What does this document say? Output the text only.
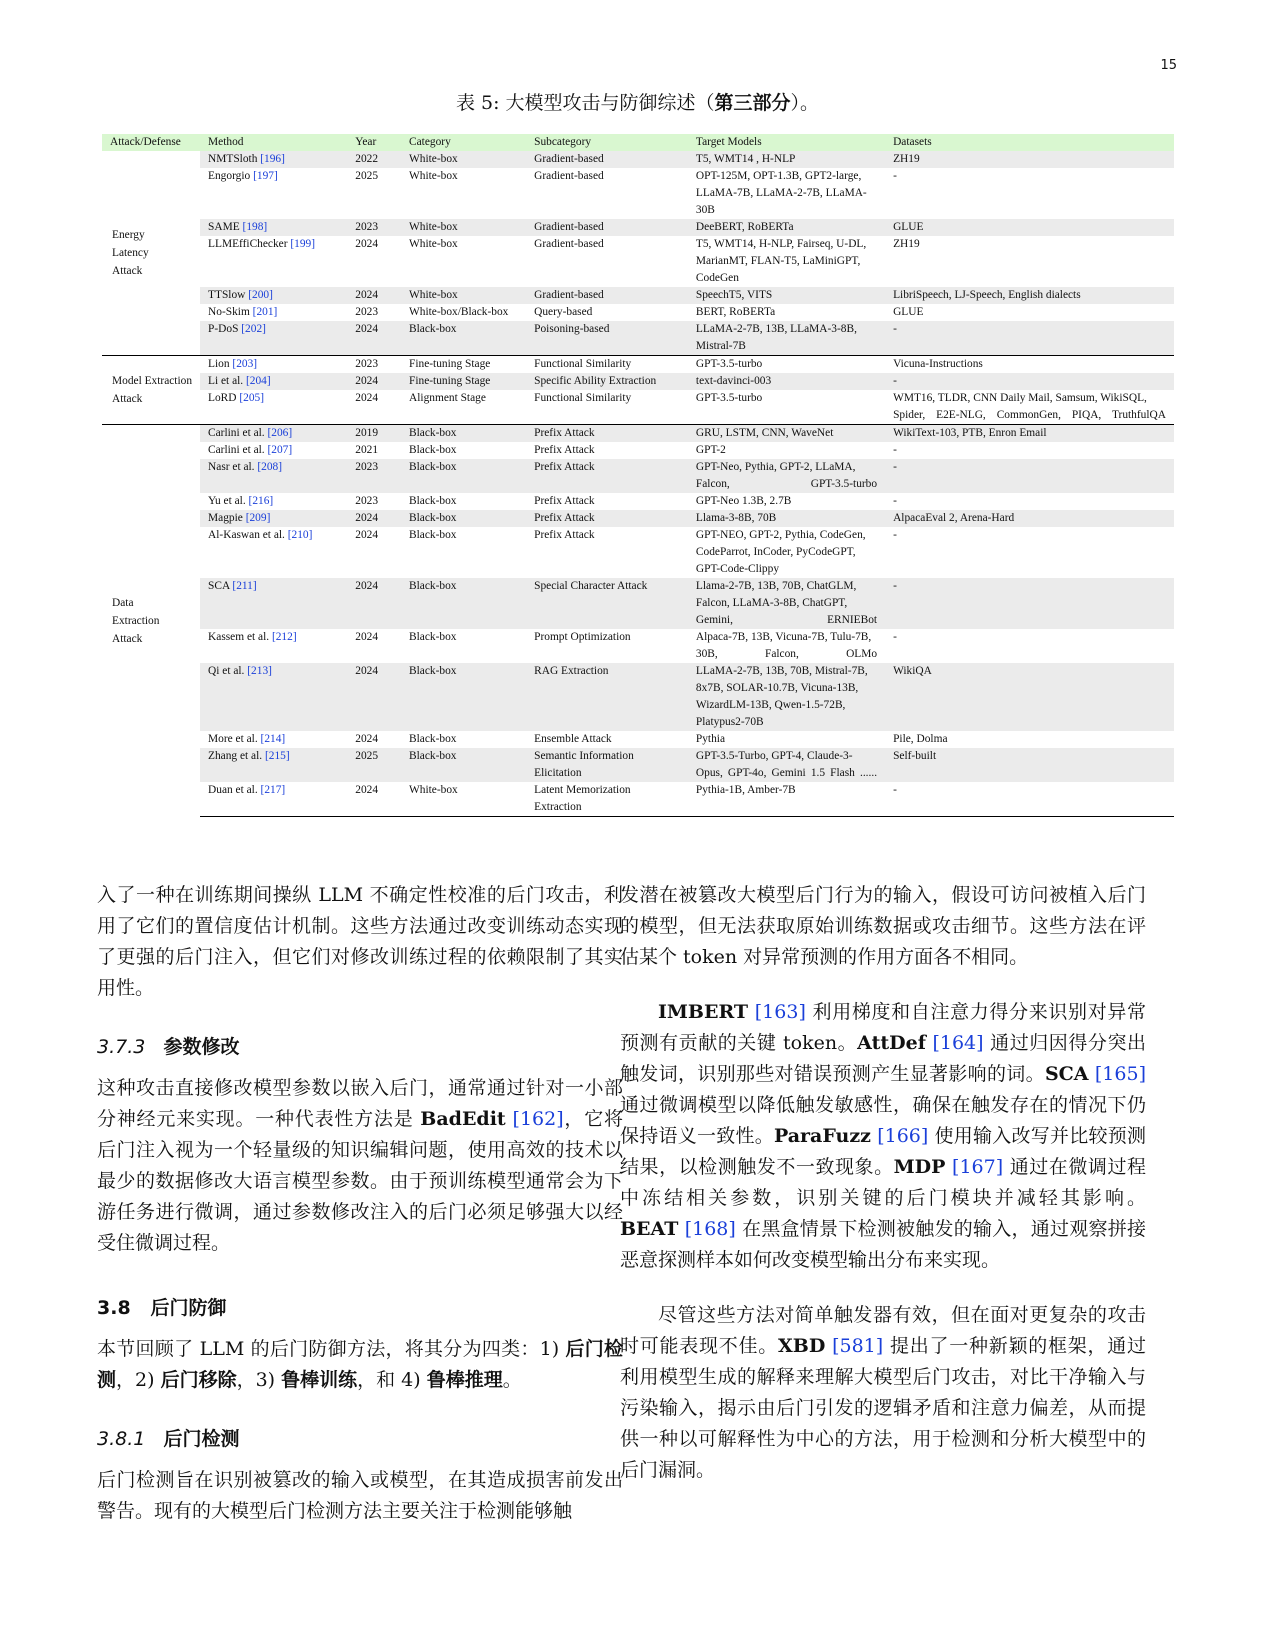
15
表 5: 大模型攻击与防御综述（第三部分）。
Attack/Defense	Method	Year	Category	Subcategory	Target Models	Datasets

Energy
Latency
Attack	NMTSloth [196]	2022	White-box	Gradient-based	T5, WMT14 , H-NLP	ZH19
	Engorgio [197]	2025	White-box	Gradient-based	OPT-125M, OPT-1.3B, GPT2-large, LLaMA-7B, LLaMA-2-7B, LLaMA-30B	-
	SAME [198]	2023	White-box	Gradient-based	DeeBERT, RoBERTa	GLUE
	LLMEffiChecker [199]	2024	White-box	Gradient-based	T5, WMT14, H-NLP, Fairseq, U-DL, MarianMT, FLAN-T5, LaMiniGPT, CodeGen	ZH19
	TTSlow [200]	2024	White-box	Gradient-based	SpeechT5, VITS	LibriSpeech, LJ-Speech, English dialects
	No-Skim [201]	2023	White-box/Black-box	Query-based	BERT, RoBERTa	GLUE
	P-DoS [202]	2024	Black-box	Poisoning-based	LLaMA-2-7B, 13B, LLaMA-3-8B, Mistral-7B	-

Model Extraction
Attack	Lion [203]	2023	Fine-tuning Stage	Functional Similarity	GPT-3.5-turbo	Vicuna-Instructions
	Li et al. [204]	2024	Fine-tuning Stage	Specific Ability Extraction	text-davinci-003	-
	LoRD [205]	2024	Alignment Stage	Functional Similarity	GPT-3.5-turbo	WMT16, TLDR, CNN Daily Mail, Samsum, WikiSQL, Spider, E2E-NLG, CommonGen, PIQA, TruthfulQA

Data
Extraction
Attack	Carlini et al. [206]	2019	Black-box	Prefix Attack	GRU, LSTM, CNN, WaveNet	WikiText-103, PTB, Enron Email
	Carlini et al. [207]	2021	Black-box	Prefix Attack	GPT-2	-
	Nasr et al. [208]	2023	Black-box	Prefix Attack	GPT-Neo, Pythia, GPT-2, LLaMA, Falcon, GPT-3.5-turbo	-
	Yu et al. [216]	2023	Black-box	Prefix Attack	GPT-Neo 1.3B, 2.7B	-
	Magpie [209]	2024	Black-box	Prefix Attack	Llama-3-8B, 70B	AlpacaEval 2, Arena-Hard
	Al-Kaswan et al. [210]	2024	Black-box	Prefix Attack	GPT-NEO, GPT-2, Pythia, CodeGen, CodeParrot, InCoder, PyCodeGPT, GPT-Code-Clippy	-
	SCA [211]	2024	Black-box	Special Character Attack	Llama-2-7B, 13B, 70B, ChatGLM, Falcon, LLaMA-3-8B, ChatGPT, Gemini, ERNIEBot	-
	Kassem et al. [212]	2024	Black-box	Prompt Optimization	Alpaca-7B, 13B, Vicuna-7B, Tulu-7B, 30B, Falcon, OLMo	-
	Qi et al. [213]	2024	Black-box	RAG Extraction	LLaMA-2-7B, 13B, 70B, Mistral-7B, 8x7B, SOLAR-10.7B, Vicuna-13B, WizardLM-13B, Qwen-1.5-72B, Platypus2-70B	WikiQA
	More et al. [214]	2024	Black-box	Ensemble Attack	Pythia	Pile, Dolma
	Zhang et al. [215]	2025	Black-box	Semantic Information Elicitation	GPT-3.5-Turbo, GPT-4, Claude-3-Opus, GPT-4o, Gemini 1.5 Flash ......	Self-built
	Duan et al. [217]	2024	White-box	Latent Memorization Extraction	Pythia-1B, Amber-7B	-

入了一种在训练期间操纵 LLM 不确定性校准的后门攻击，利用了它们的置信度估计机制。这些方法通过改变训练动态实现了更强的后门注入，但它们对修改训练过程的依赖限制了其实用性。

3.7.3 参数修改

这种攻击直接修改模型参数以嵌入后门，通常通过针对一小部分神经元来实现。一种代表性方法是 BadEdit [162]，它将后门注入视为一个轻量级的知识编辑问题，使用高效的技术以最少的数据修改大语言模型参数。由于预训练模型通常会为下游任务进行微调，通过参数修改注入的后门必须足够强大以经受住微调过程。

3.8 后门防御

本节回顾了 LLM 的后门防御方法，将其分为四类：1) 后门检测，2) 后门移除，3) 鲁棒训练，和 4) 鲁棒推理。

3.8.1 后门检测

后门检测旨在识别被篡改的输入或模型，在其造成损害前发出警告。现有的大模型后门检测方法主要关注于检测能够触

发潜在被篡改大模型后门行为的输入，假设可访问被植入后门的模型，但无法获取原始训练数据或攻击细节。这些方法在评估某个 token 对异常预测的作用方面各不相同。

IMBERT [163] 利用梯度和自注意力得分来识别对异常预测有贡献的关键 token。AttDef [164] 通过归因得分突出触发词，识别那些对错误预测产生显著影响的词。SCA [165] 通过微调模型以降低触发敏感性，确保在触发存在的情况下仍保持语义一致性。ParaFuzz [166] 使用输入改写并比较预测结果，以检测触发不一致现象。MDP [167] 通过在微调过程中冻结相关参数，识别关键的后门模块并减轻其影响。BEAT [168] 在黑盒情景下检测被触发的输入，通过观察拼接恶意探测样本如何改变模型输出分布来实现。

尽管这些方法对简单触发器有效，但在面对更复杂的攻击时可能表现不佳。XBD [581] 提出了一种新颖的框架，通过利用模型生成的解释来理解大模型后门攻击，对比干净输入与污染输入，揭示由后门引发的逻辑矛盾和注意力偏差，从而提供一种以可解释性为中心的方法，用于检测和分析大模型中的后门漏洞。
